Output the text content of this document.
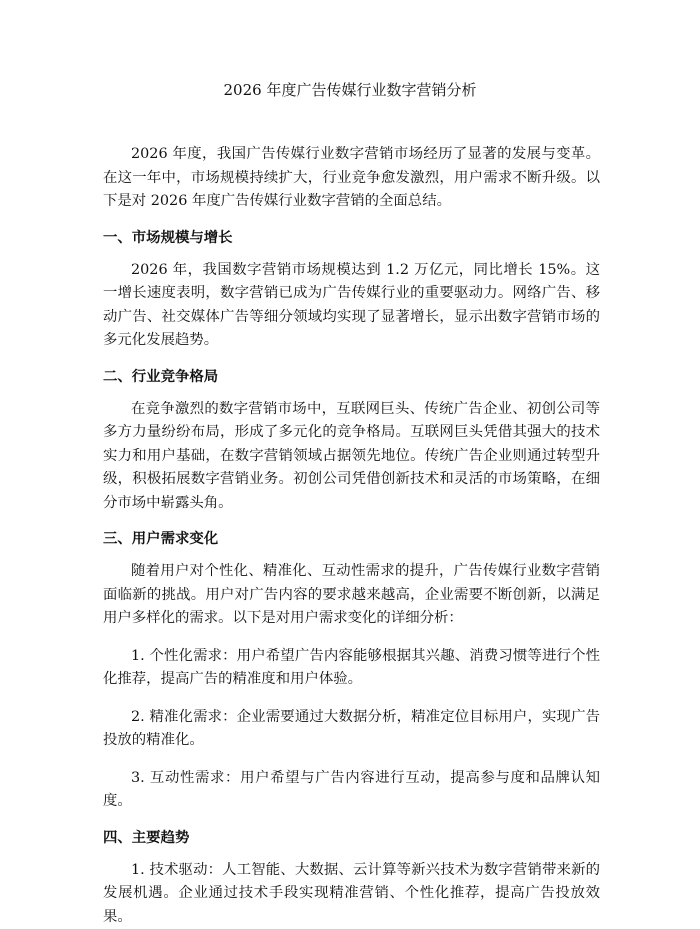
2026 年度广告传媒行业数字营销分析

2026 年度，我国广告传媒行业数字营销市场经历了显著的发展与变革。在这一年中，市场规模持续扩大，行业竞争愈发激烈，用户需求不断升级。以下是对 2026 年度广告传媒行业数字营销的全面总结。

一、市场规模与增长

2026 年，我国数字营销市场规模达到 1.2 万亿元，同比增长 15%。这一增长速度表明，数字营销已成为广告传媒行业的重要驱动力。网络广告、移动广告、社交媒体广告等细分领域均实现了显著增长，显示出数字营销市场的多元化发展趋势。

二、行业竞争格局

在竞争激烈的数字营销市场中，互联网巨头、传统广告企业、初创公司等多方力量纷纷布局，形成了多元化的竞争格局。互联网巨头凭借其强大的技术实力和用户基础，在数字营销领域占据领先地位。传统广告企业则通过转型升级，积极拓展数字营销业务。初创公司凭借创新技术和灵活的市场策略，在细分市场中崭露头角。

三、用户需求变化

随着用户对个性化、精准化、互动性需求的提升，广告传媒行业数字营销面临新的挑战。用户对广告内容的要求越来越高，企业需要不断创新，以满足用户多样化的需求。以下是对用户需求变化的详细分析：

1. 个性化需求：用户希望广告内容能够根据其兴趣、消费习惯等进行个性化推荐，提高广告的精准度和用户体验。

2. 精准化需求：企业需要通过大数据分析，精准定位目标用户，实现广告投放的精准化。

3. 互动性需求：用户希望与广告内容进行互动，提高参与度和品牌认知度。

四、主要趋势

1. 技术驱动：人工智能、大数据、云计算等新兴技术为数字营销带来新的发展机遇。企业通过技术手段实现精准营销、个性化推荐，提高广告投放效果。
